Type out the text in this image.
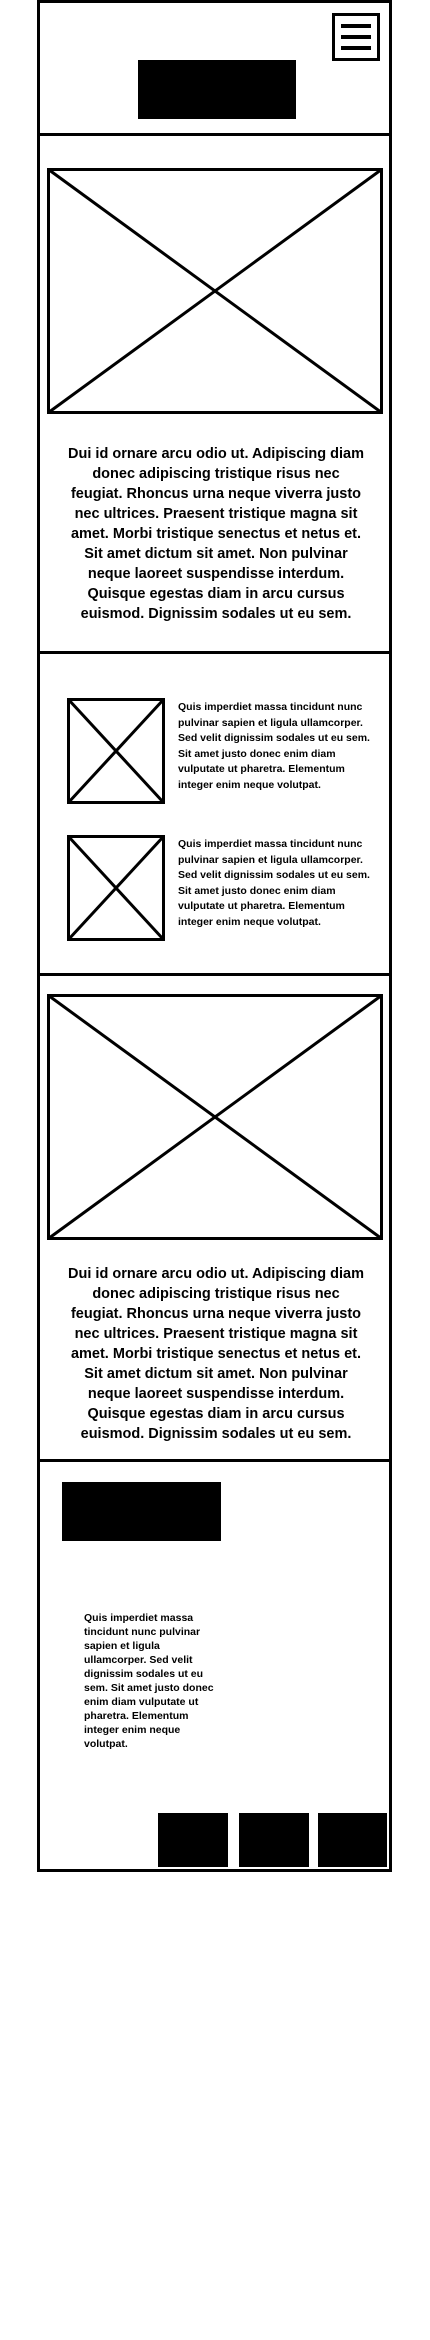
Dui id ornare arcu odio ut. Adipiscing diam donec adipiscing tristique risus nec feugiat. Rhoncus urna neque viverra justo nec ultrices. Praesent tristique magna sit amet. Morbi tristique senectus et netus et. Sit amet dictum sit amet. Non pulvinar neque laoreet suspendisse interdum. Quisque egestas diam in arcu cursus euismod. Dignissim sodales ut eu sem.
Quis imperdiet massa tincidunt nunc pulvinar sapien et ligula ullamcorper. Sed velit dignissim sodales ut eu sem. Sit amet justo donec enim diam vulputate ut pharetra. Elementum integer enim neque volutpat.
Quis imperdiet massa tincidunt nunc pulvinar sapien et ligula ullamcorper. Sed velit dignissim sodales ut eu sem. Sit amet justo donec enim diam vulputate ut pharetra. Elementum integer enim neque volutpat.
Dui id ornare arcu odio ut. Adipiscing diam donec adipiscing tristique risus nec feugiat. Rhoncus urna neque viverra justo nec ultrices. Praesent tristique magna sit amet. Morbi tristique senectus et netus et. Sit amet dictum sit amet. Non pulvinar neque laoreet suspendisse interdum. Quisque egestas diam in arcu cursus euismod. Dignissim sodales ut eu sem.
Quis imperdiet massa tincidunt nunc pulvinar sapien et ligula ullamcorper. Sed velit dignissim sodales ut eu sem. Sit amet justo donec enim diam vulputate ut pharetra. Elementum integer enim neque volutpat.
